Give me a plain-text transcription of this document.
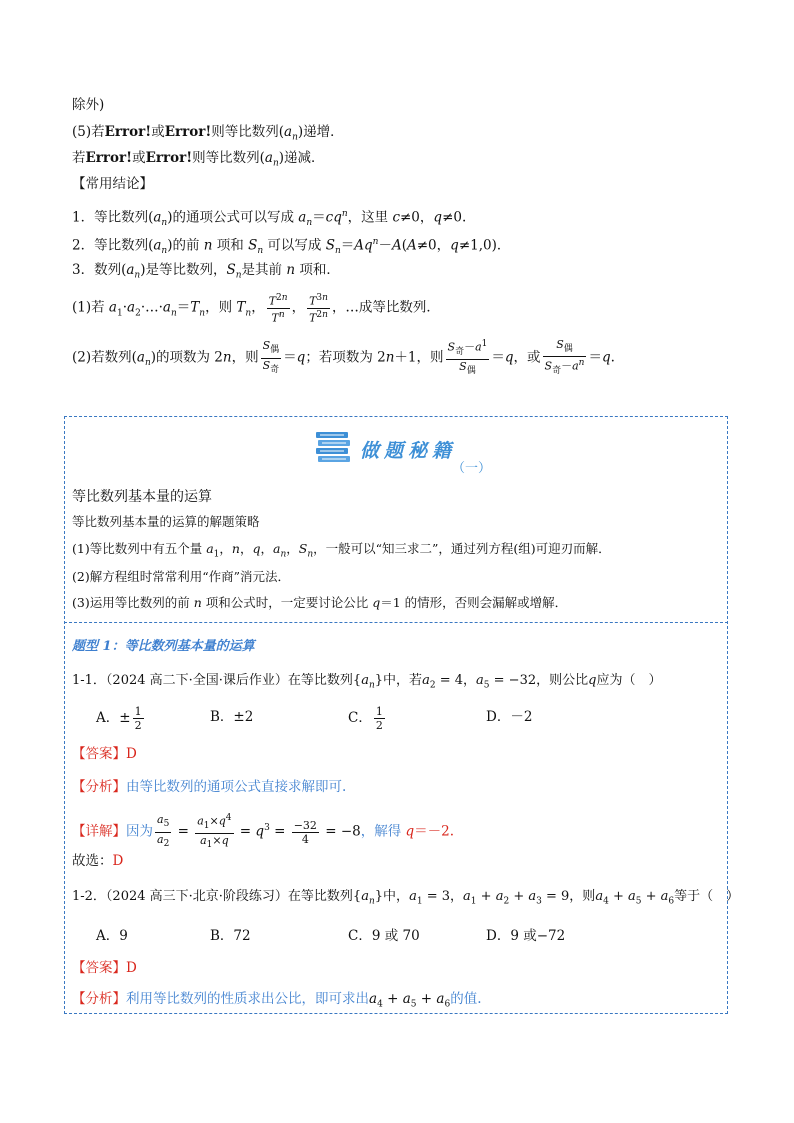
除外)
(5)若Error!或Error!则等比数列$(a_n)$递增．
若Error!或Error!则等比数列$(a_n)$递减．
【常用结论】
1．等比数列$(a_n)$的通项公式可以写成 $a_n=cq^n$，这里 c≠0，q≠0.
2．等比数列$(a_n)$的前 n 项和 $S_n$ 可以写成 $S_n=Aq^n-A(A\ne 0$，q≠1,0)．
3．数列$(a_n)$是等比数列，$S_n$是其前 n 项和．
(1)若 $a_1\cdot a_2\cdot\dots\cdot a_n=T_n$，则 $T_n$， $\frac{T^{2n}}{T^n}$ ， $\frac{T^{3n}}{T^{2n}}$ ，…成等比数列．
(2)若数列$(a_n)$的项数为 2n，则 $\frac{S_偶}{S_奇} =q$；若项数为 2n＋1，则 $\frac{S_奇-a^1}{S_偶} =q$，或 $\frac{S_偶}{S_奇-a^n} =q$.
做题秘籍
（一）
等比数列基本量的运算
等比数列基本量的运算的解题策略
(1)等比数列中有五个量 $a_1$，n，q，$a_n$，$S_n$，一般可以“知三求二”，通过列方程(组)可迎刃而解．
(2)解方程组时常常利用“作商”消元法．
(3)运用等比数列的前 n 项和公式时，一定要讨论公比 q＝1 的情形，否则会漏解或增解．
题型 1：等比数列基本量的运算
1-1．（2024 高二下·全国·课后作业）在等比数列$\{a_n\}$中，若$a_2 = 4$，$a_5 = -32$，则公比q应为（　）
A．± $\frac{1}{2}$	B．±2	C． $\frac{1}{2}$	D．－2
【答案】D
【分析】由等比数列的通项公式直接求解即可.
【详解】因为 $\frac{a_5}{a_2} = \frac{a_1\times q^4}{a_1\times q} = q^3 = \frac{-32}{4} = -8$，解得 q＝－2.
故选：D
1-2．（2024 高三下·北京·阶段练习）在等比数列$\{a_n\}$中，$a_1 = 3$，$a_1 + a_2 + a_3 = 9$，则$a_4 + a_5 + a_6$等于（　）
A．9	B．72	C．9 或 70	D．9 或−72
【答案】D
【分析】利用等比数列的性质求出公比，即可求出$a_4 + a_5 + a_6$的值.
